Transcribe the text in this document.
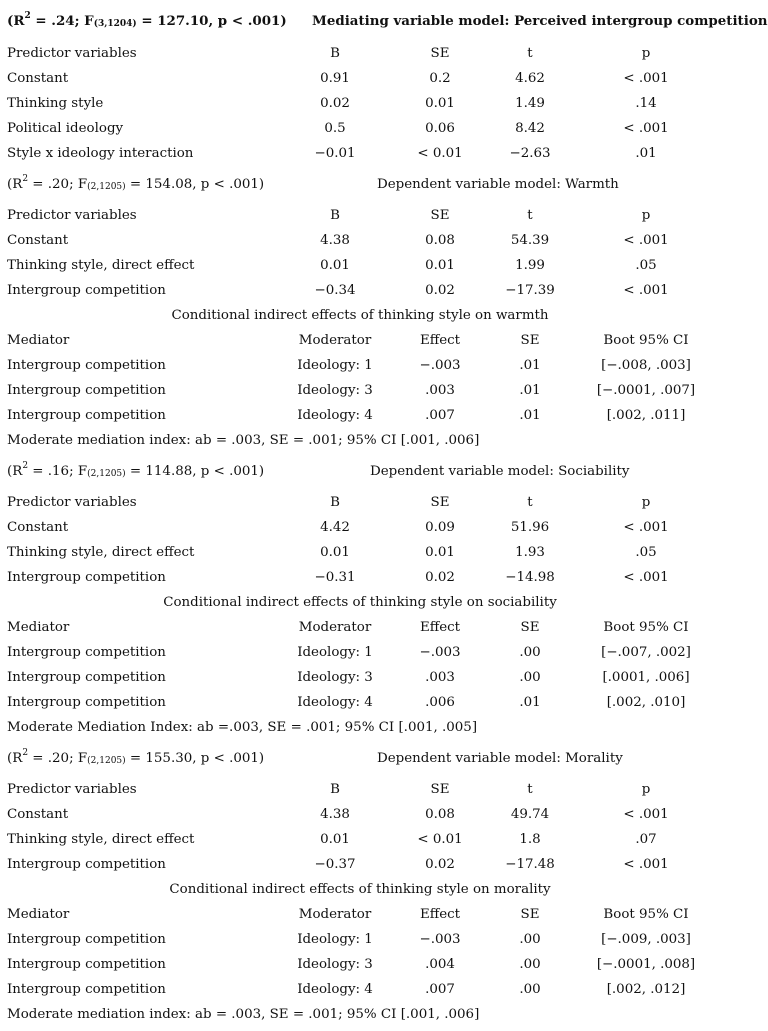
($R^2 = .24$; $F_{(3,1204)} = 127.10$, p < .001) Mediating variable model: Perceived intergroup competition
Predictor variables	B	SE	t	p
Constant	0.91	0.2	4.62	< .001
Thinking style	0.02	0.01	1.49	.14
Political ideology	0.5	0.06	8.42	< .001
Style x ideology interaction	−0.01	< 0.01	−2.63	.01
($R^2 = .20$; $F_{(2,1205)} = 154.08$, p < .001)	Dependent variable model: Warmth
Predictor variables	B	SE	t	p
Constant	4.38	0.08	54.39	< .001
Thinking style, direct effect	0.01	0.01	1.99	.05
Intergroup competition	−0.34	0.02	−17.39	< .001
Conditional indirect effects of thinking style on warmth
Mediator	Moderator	Effect	SE	Boot 95% CI
Intergroup competition	Ideology: 1	−.003	.01	[−.008, .003]
Intergroup competition	Ideology: 3	.003	.01	[−.0001, .007]
Intergroup competition	Ideology: 4	.007	.01	[.002, .011]
Moderate mediation index: ab = .003, SE = .001; 95% CI [.001, .006]
($R^2 = .16$; $F_{(2,1205)} = 114.88$, p < .001)	Dependent variable model: Sociability
Predictor variables	B	SE	t	p
Constant	4.42	0.09	51.96	< .001
Thinking style, direct effect	0.01	0.01	1.93	.05
Intergroup competition	−0.31	0.02	−14.98	< .001
Conditional indirect effects of thinking style on sociability
Mediator	Moderator	Effect	SE	Boot 95% CI
Intergroup competition	Ideology: 1	−.003	.00	[−.007, .002]
Intergroup competition	Ideology: 3	.003	.00	[.0001, .006]
Intergroup competition	Ideology: 4	.006	.01	[.002, .010]
Moderate Mediation Index: ab =.003, SE = .001; 95% CI [.001, .005]
($R^2 = .20$; $F_{(2,1205)} = 155.30$, p < .001)	Dependent variable model: Morality
Predictor variables	B	SE	t	p
Constant	4.38	0.08	49.74	< .001
Thinking style, direct effect	0.01	< 0.01	1.8	.07
Intergroup competition	−0.37	0.02	−17.48	< .001
Conditional indirect effects of thinking style on morality
Mediator	Moderator	Effect	SE	Boot 95% CI
Intergroup competition	Ideology: 1	−.003	.00	[−.009, .003]
Intergroup competition	Ideology: 3	.004	.00	[−.0001, .008]
Intergroup competition	Ideology: 4	.007	.00	[.002, .012]
Moderate mediation index: ab = .003, SE = .001; 95% CI [.001, .006]
